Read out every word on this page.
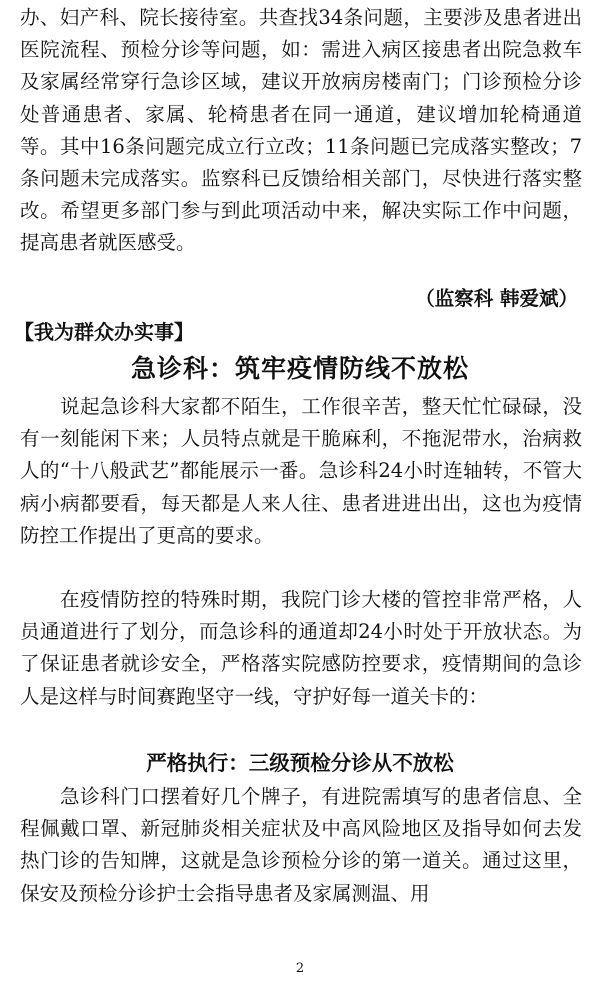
办、妇产科、院长接待室。共查找34条问题，主要涉及患者进出医院流程、预检分诊等问题，如：需进入病区接患者出院急救车及家属经常穿行急诊区域，建议开放病房楼南门；门诊预检分诊处普通患者、家属、轮椅患者在同一通道，建议增加轮椅通道等。其中16条问题完成立行立改；11条问题已完成落实整改；7条问题未完成落实。监察科已反馈给相关部门，尽快进行落实整改。希望更多部门参与到此项活动中来，解决实际工作中问题，提高患者就医感受。

（监察科 韩爱斌）
【我为群众办实事】
急诊科：筑牢疫情防线不放松

说起急诊科大家都不陌生，工作很辛苦，整天忙忙碌碌，没有一刻能闲下来；人员特点就是干脆麻利，不拖泥带水，治病救人的“十八般武艺”都能展示一番。急诊科24小时连轴转，不管大病小病都要看，每天都是人来人往、患者进进出出，这也为疫情防控工作提出了更高的要求。

在疫情防控的特殊时期，我院门诊大楼的管控非常严格，人员通道进行了划分，而急诊科的通道却24小时处于开放状态。为了保证患者就诊安全，严格落实院感防控要求，疫情期间的急诊人是这样与时间赛跑坚守一线，守护好每一道关卡的：

严格执行：三级预检分诊从不放松

急诊科门口摆着好几个牌子，有进院需填写的患者信息、全程佩戴口罩、新冠肺炎相关症状及中高风险地区及指导如何去发热门诊的告知牌，这就是急诊预检分诊的第一道关。通过这里，保安及预检分诊护士会指导患者及家属测温、用

2
